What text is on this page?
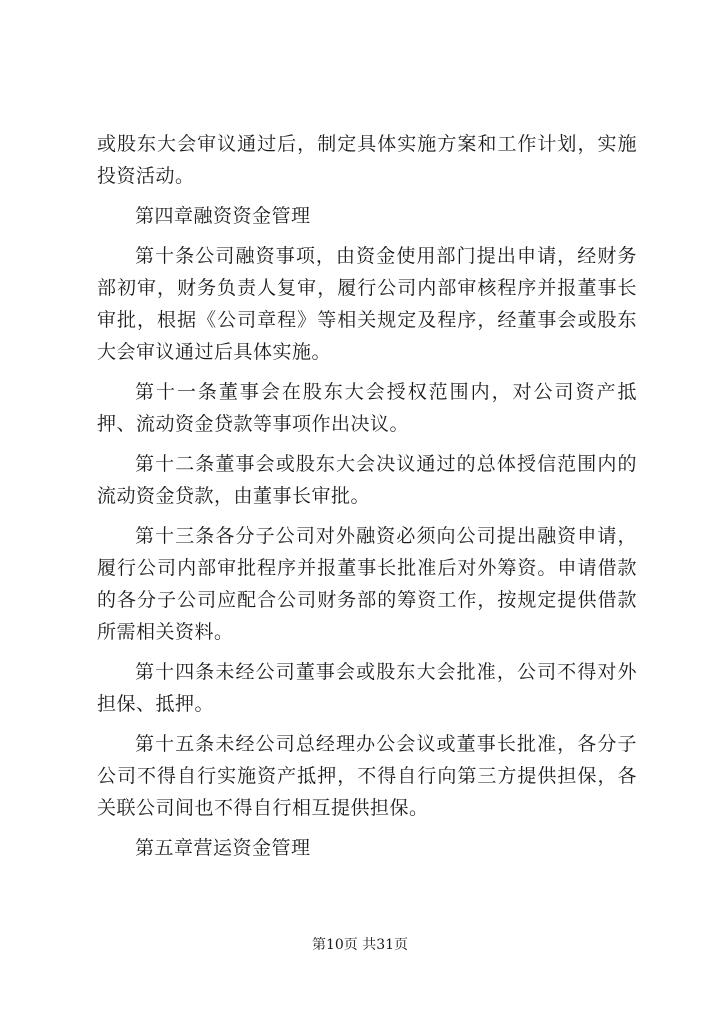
或股东大会审议通过后，制定具体实施方案和工作计划，实施投资活动。

第四章融资资金管理

第十条公司融资事项，由资金使用部门提出申请，经财务部初审，财务负责人复审，履行公司内部审核程序并报董事长审批，根据《公司章程》等相关规定及程序，经董事会或股东大会审议通过后具体实施。

第十一条董事会在股东大会授权范围内，对公司资产抵押、流动资金贷款等事项作出决议。

第十二条董事会或股东大会决议通过的总体授信范围内的流动资金贷款，由董事长审批。

第十三条各分子公司对外融资必须向公司提出融资申请，履行公司内部审批程序并报董事长批准后对外筹资。申请借款的各分子公司应配合公司财务部的筹资工作，按规定提供借款所需相关资料。

第十四条未经公司董事会或股东大会批准，公司不得对外担保、抵押。

第十五条未经公司总经理办公会议或董事长批准，各分子公司不得自行实施资产抵押，不得自行向第三方提供担保，各关联公司间也不得自行相互提供担保。

第五章营运资金管理

第10页 共31页
